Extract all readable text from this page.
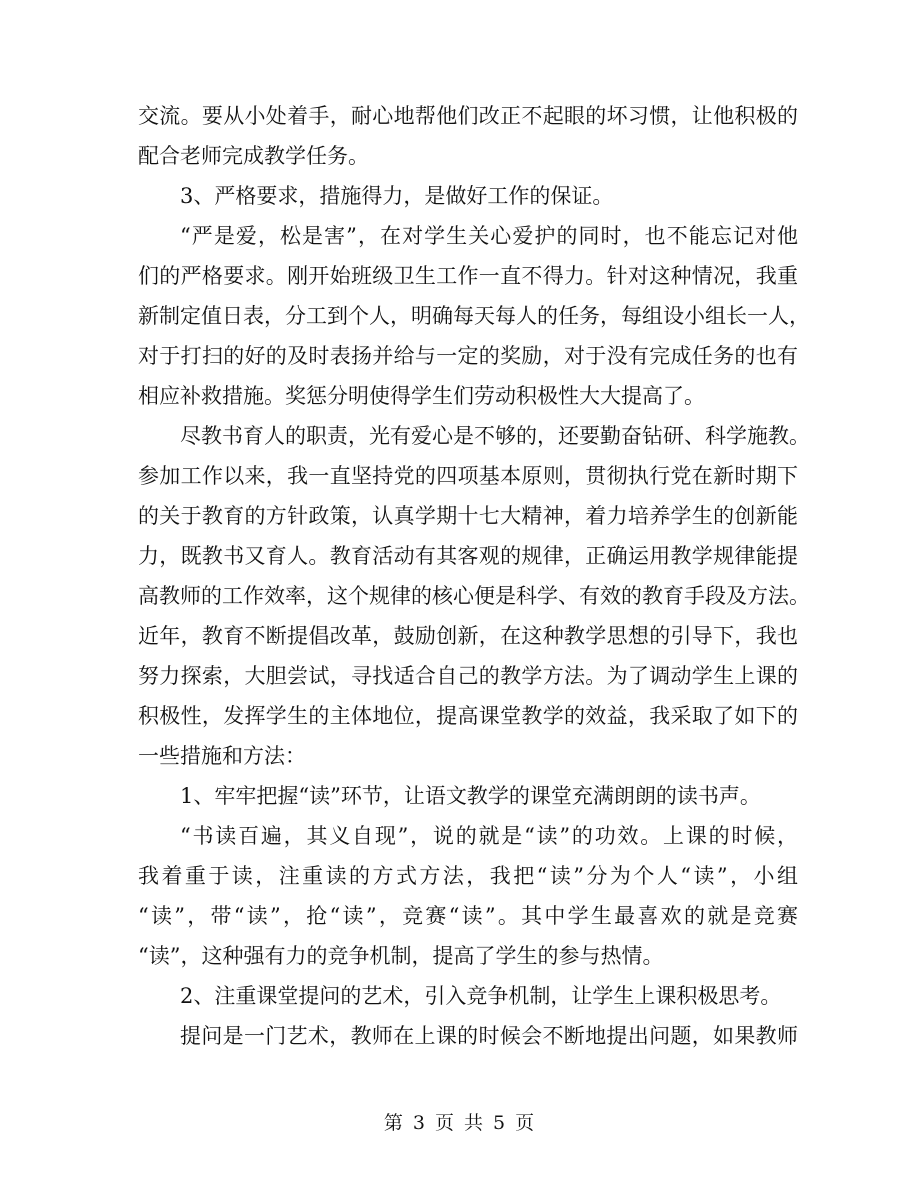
交流。要从小处着手，耐心地帮他们改正不起眼的坏习惯，让他积极的
配合老师完成教学任务。
3、严格要求，措施得力，是做好工作的保证。
“严是爱，松是害”，在对学生关心爱护的同时，也不能忘记对他
们的严格要求。刚开始班级卫生工作一直不得力。针对这种情况，我重
新制定值日表，分工到个人，明确每天每人的任务，每组设小组长一人，
对于打扫的好的及时表扬并给与一定的奖励，对于没有完成任务的也有
相应补救措施。奖惩分明使得学生们劳动积极性大大提高了。
尽教书育人的职责，光有爱心是不够的，还要勤奋钻研、科学施教。
参加工作以来，我一直坚持党的四项基本原则，贯彻执行党在新时期下
的关于教育的方针政策，认真学期十七大精神，着力培养学生的创新能
力，既教书又育人。教育活动有其客观的规律，正确运用教学规律能提
高教师的工作效率，这个规律的核心便是科学、有效的教育手段及方法。
近年，教育不断提倡改革，鼓励创新，在这种教学思想的引导下，我也
努力探索，大胆尝试，寻找适合自己的教学方法。为了调动学生上课的
积极性，发挥学生的主体地位，提高课堂教学的效益，我采取了如下的
一些措施和方法：
1、牢牢把握“读”环节，让语文教学的课堂充满朗朗的读书声。
“书读百遍，其义自现”，说的就是“读”的功效。上课的时候，
我着重于读，注重读的方式方法，我把“读”分为个人“读”，小组
“读”，带“读”，抢“读”，竞赛“读”。其中学生最喜欢的就是竞赛
“读”，这种强有力的竞争机制，提高了学生的参与热情。
2、注重课堂提问的艺术，引入竞争机制，让学生上课积极思考。
提问是一门艺术，教师在上课的时候会不断地提出问题，如果教师
第 3 页 共 5 页
